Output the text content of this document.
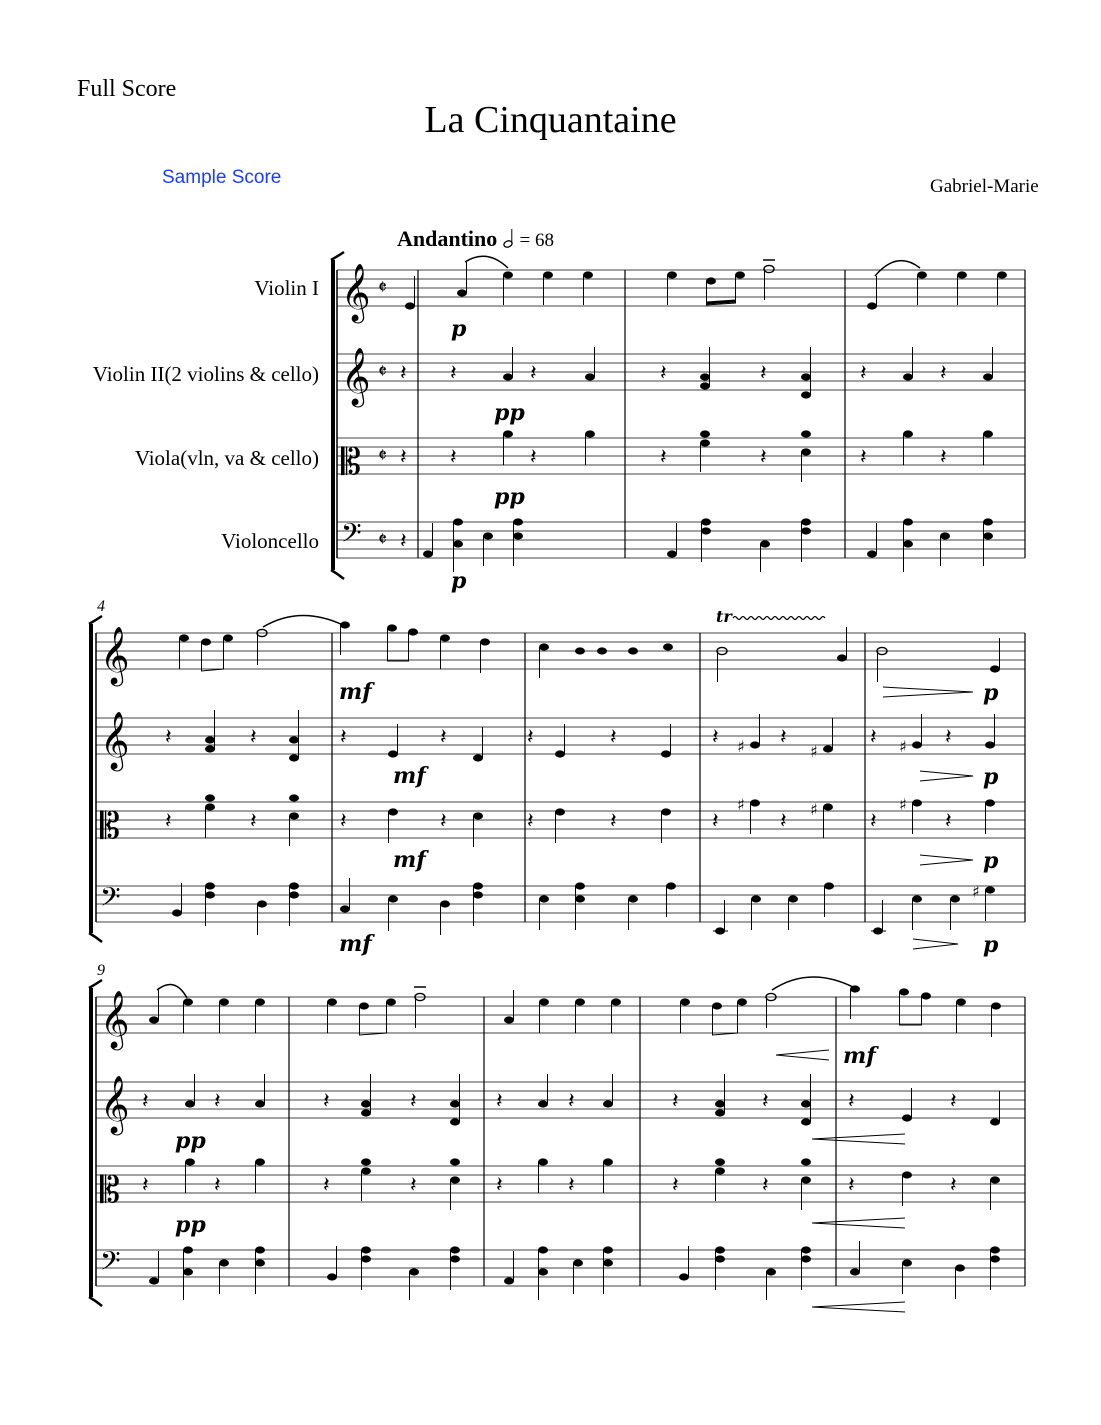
Full Score
La Cinquantaine
Sample Score	Gabriel-Marie
Andantino  = 68
Violin I
Violin II(2 violins & cello)
Viola(vln, va & cello)
Violoncello
4
9
𝄞
𝄞
𝄡
𝄢
𝄵
𝄵
𝄵
𝄵
𝄽 𝄽	𝄽	𝄽	𝄽	𝄽	𝄽
𝄽 𝄽	𝄽	𝄽	𝄽	𝄽	𝄽
𝄽
𝄞
𝄞
𝄡
𝄢
𝄽	𝄽	𝄽	𝄽	𝄽	𝄽	𝄽	𝄽	𝄽	𝄽
𝄽	𝄽	𝄽	𝄽	𝄽	𝄽	𝄽	𝄽	𝄽	𝄽
tr
♯	♯	♯
♯	♯	♯
♯
𝄞
𝄞
𝄡
𝄢
𝄽	𝄽	𝄽	𝄽	𝄽	𝄽	𝄽	𝄽	𝄽	𝄽
𝄽	𝄽	𝄽	𝄽	𝄽	𝄽	𝄽	𝄽	𝄽	𝄽
p
pp
pp
p
mf
mf
mf
mf
p
p
p
p
pp
pp
mf
